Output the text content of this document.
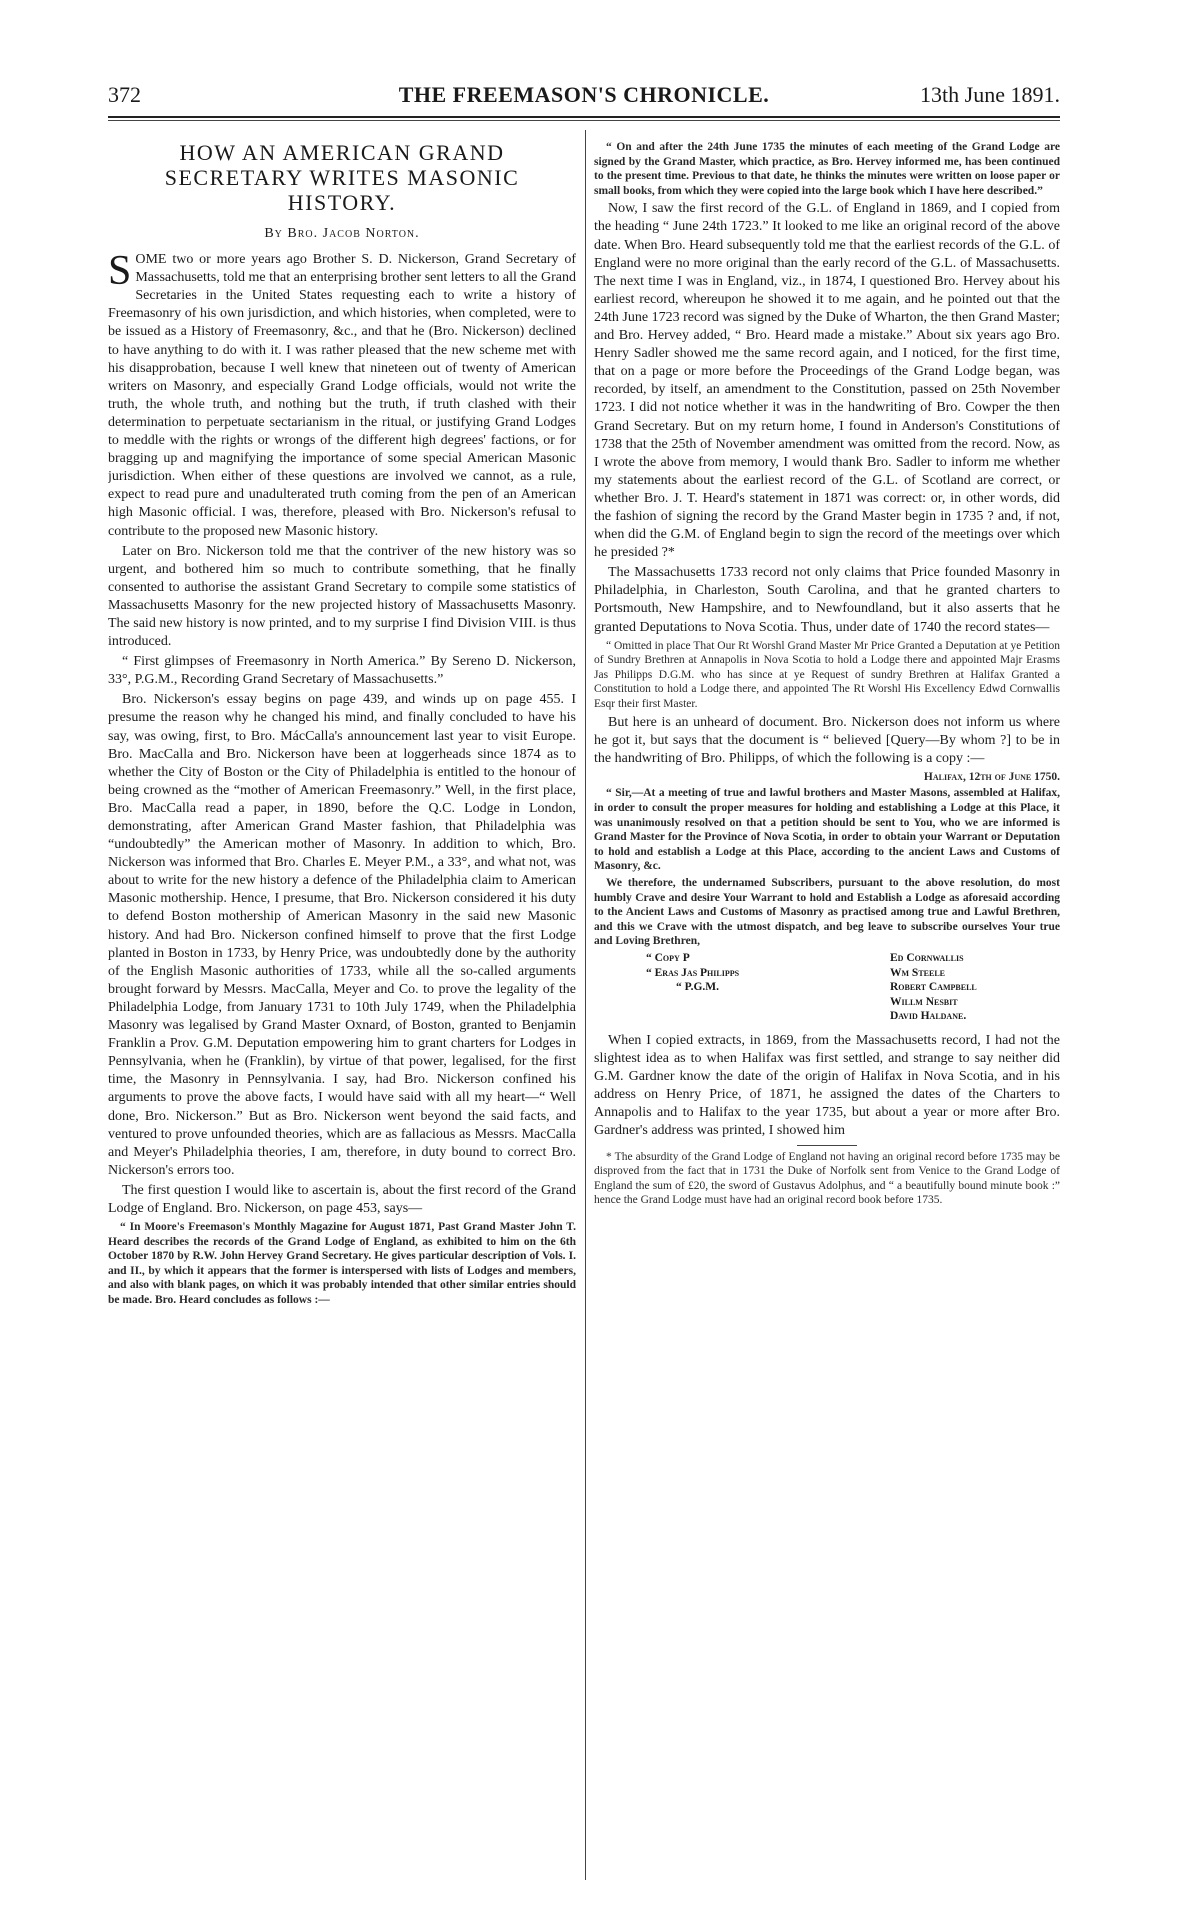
372	THE FREEMASON'S CHRONICLE.	13th June 1891.

HOW AN AMERICAN GRAND SECRETARY WRITES MASONIC HISTORY.

By Bro. Jacob Norton.

SOME two or more years ago Brother S. D. Nickerson, Grand Secretary of Massachusetts, told me that an enterprising brother sent letters to all the Grand Secretaries in the United States requesting each to write a history of Freemasonry of his own jurisdiction, and which histories, when completed, were to be issued as a History of Freemasonry, &c., and that he (Bro. Nickerson) declined to have anything to do with it. I was rather pleased that the new scheme met with his disapprobation, because I well knew that nineteen out of twenty of American writers on Masonry, and especially Grand Lodge officials, would not write the truth, the whole truth, and nothing but the truth, if truth clashed with their determination to perpetuate sectarianism in the ritual, or justifying Grand Lodges to meddle with the rights or wrongs of the different high degrees' factions, or for bragging up and magnifying the importance of some special American Masonic jurisdiction. When either of these questions are involved we cannot, as a rule, expect to read pure and unadulterated truth coming from the pen of an American high Masonic official. I was, therefore, pleased with Bro. Nickerson's refusal to contribute to the proposed new Masonic history.

Later on Bro. Nickerson told me that the contriver of the new history was so urgent, and bothered him so much to contribute something, that he finally consented to authorise the assistant Grand Secretary to compile some statistics of Massachusetts Masonry for the new projected history of Massachusetts Masonry. The said new history is now printed, and to my surprise I find Division VIII. is thus introduced.

“ First glimpses of Freemasonry in North America.” By Sereno D. Nickerson, 33°, P.G.M., Recording Grand Secretary of Massachusetts.”

Bro. Nickerson's essay begins on page 439, and winds up on page 455. I presume the reason why he changed his mind, and finally concluded to have his say, was owing, first, to Bro. MácCalla's announcement last year to visit Europe. Bro. MacCalla and Bro. Nickerson have been at loggerheads since 1874 as to whether the City of Boston or the City of Philadelphia is entitled to the honour of being crowned as the “mother of American Freemasonry.” Well, in the first place, Bro. MacCalla read a paper, in 1890, before the Q.C. Lodge in London, demonstrating, after American Grand Master fashion, that Philadelphia was “undoubtedly” the American mother of Masonry. In addition to which, Bro. Nickerson was informed that Bro. Charles E. Meyer P.M., a 33°, and what not, was about to write for the new history a defence of the Philadelphia claim to American Masonic mothership. Hence, I presume, that Bro. Nickerson considered it his duty to defend Boston mothership of American Masonry in the said new Masonic history. And had Bro. Nickerson confined himself to prove that the first Lodge planted in Boston in 1733, by Henry Price, was undoubtedly done by the authority of the English Masonic authorities of 1733, while all the so-called arguments brought forward by Messrs. MacCalla, Meyer and Co. to prove the legality of the Philadelphia Lodge, from January 1731 to 10th July 1749, when the Philadelphia Masonry was legalised by Grand Master Oxnard, of Boston, granted to Benjamin Franklin a Prov. G.M. Deputation empowering him to grant charters for Lodges in Pennsylvania, when he (Franklin), by virtue of that power, legalised, for the first time, the Masonry in Pennsylvania. I say, had Bro. Nickerson confined his arguments to prove the above facts, I would have said with all my heart—“ Well done, Bro. Nickerson.” But as Bro. Nickerson went beyond the said facts, and ventured to prove unfounded theories, which are as fallacious as Messrs. MacCalla and Meyer's Philadelphia theories, I am, therefore, in duty bound to correct Bro. Nickerson's errors too.

The first question I would like to ascertain is, about the first record of the Grand Lodge of England. Bro. Nickerson, on page 453, says—

“ In Moore's Freemason's Monthly Magazine for August 1871, Past Grand Master John T. Heard describes the records of the Grand Lodge of England, as exhibited to him on the 6th October 1870 by R.W. John Hervey Grand Secretary. He gives particular description of Vols. I. and II., by which it appears that the former is interspersed with lists of Lodges and members, and also with blank pages, on which it was probably intended that other similar entries should be made. Bro. Heard concludes as follows :—

“ On and after the 24th June 1735 the minutes of each meeting of the Grand Lodge are signed by the Grand Master, which practice, as Bro. Hervey informed me, has been continued to the present time. Previous to that date, he thinks the minutes were written on loose paper or small books, from which they were copied into the large book which I have here described.”

Now, I saw the first record of the G.L. of England in 1869, and I copied from the heading “ June 24th 1723.” It looked to me like an original record of the above date. When Bro. Heard subsequently told me that the earliest records of the G.L. of England were no more original than the early record of the G.L. of Massachusetts. The next time I was in England, viz., in 1874, I questioned Bro. Hervey about his earliest record, whereupon he showed it to me again, and he pointed out that the 24th June 1723 record was signed by the Duke of Wharton, the then Grand Master; and Bro. Hervey added, “ Bro. Heard made a mistake.” About six years ago Bro. Henry Sadler showed me the same record again, and I noticed, for the first time, that on a page or more before the Proceedings of the Grand Lodge began, was recorded, by itself, an amendment to the Constitution, passed on 25th November 1723. I did not notice whether it was in the handwriting of Bro. Cowper the then Grand Secretary. But on my return home, I found in Anderson's Constitutions of 1738 that the 25th of November amendment was omitted from the record. Now, as I wrote the above from memory, I would thank Bro. Sadler to inform me whether my statements about the earliest record of the G.L. of Scotland are correct, or whether Bro. J. T. Heard's statement in 1871 was correct: or, in other words, did the fashion of signing the record by the Grand Master begin in 1735 ? and, if not, when did the G.M. of England begin to sign the record of the meetings over which he presided ?*

The Massachusetts 1733 record not only claims that Price founded Masonry in Philadelphia, in Charleston, South Carolina, and that he granted charters to Portsmouth, New Hampshire, and to Newfoundland, but it also asserts that he granted Deputations to Nova Scotia. Thus, under date of 1740 the record states—

“ Omitted in place That Our Rt Worshl Grand Master Mr Price Granted a Deputation at ye Petition of Sundry Brethren at Annapolis in Nova Scotia to hold a Lodge there and appointed Majr Erasms Jas Philipps D.G.M. who has since at ye Request of sundry Brethren at Halifax Granted a Constitution to hold a Lodge there, and appointed The Rt Worshl His Excellency Edwd Cornwallis Esqr their first Master.

But here is an unheard of document. Bro. Nickerson does not inform us where he got it, but says that the document is “ believed [Query—By whom ?] to be in the handwriting of Bro. Philipps, of which the following is a copy :—

Halifax, 12th of June 1750.

“ Sir,—At a meeting of true and lawful brothers and Master Masons, assembled at Halifax, in order to consult the proper measures for holding and establishing a Lodge at this Place, it was unanimously resolved on that a petition should be sent to You, who we are informed is Grand Master for the Province of Nova Scotia, in order to obtain your Warrant or Deputation to hold and establish a Lodge at this Place, according to the ancient Laws and Customs of Masonry, &c.

We therefore, the undernamed Subscribers, pursuant to the above resolution, do most humbly Crave and desire Your Warrant to hold and Establish a Lodge as aforesaid according to the Ancient Laws and Customs of Masonry as practised among true and Lawful Brethren, and this we Crave with the utmost dispatch, and beg leave to subscribe ourselves Your true and Loving Brethren,

“ Copy P
“ Eras Jas Philipps
“ P.G.M.
Ed Cornwallis
Wm Steele
Robert Campbell
Willm Nesbit
David Haldane.

When I copied extracts, in 1869, from the Massachusetts record, I had not the slightest idea as to when Halifax was first settled, and strange to say neither did G.M. Gardner know the date of the origin of Halifax in Nova Scotia, and in his address on Henry Price, of 1871, he assigned the dates of the Charters to Annapolis and to Halifax to the year 1735, but about a year or more after Bro. Gardner's address was printed, I showed him

* The absurdity of the Grand Lodge of England not having an original record before 1735 may be disproved from the fact that in 1731 the Duke of Norfolk sent from Venice to the Grand Lodge of England the sum of £20, the sword of Gustavus Adolphus, and “ a beautifully bound minute book :” hence the Grand Lodge must have had an original record book before 1735.
